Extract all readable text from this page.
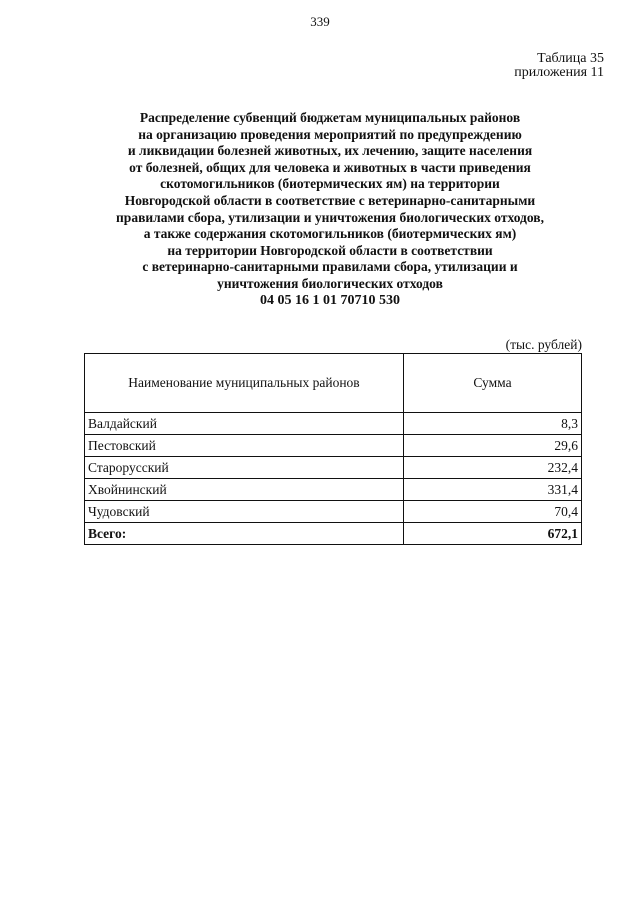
339
Таблица 35
приложения 11
Распределение субвенций бюджетам муниципальных районов
на организацию проведения мероприятий по предупреждению
и ликвидации болезней животных, их лечению, защите населения
от болезней, общих для человека и животных в части приведения
скотомогильников (биотермических ям) на территории
Новгородской области в соответствие с ветеринарно-санитарными
правилами сбора, утилизации и уничтожения биологических отходов,
а также содержания скотомогильников (биотермических ям)
на территории Новгородской области в соответствии
с ветеринарно-санитарными правилами сбора, утилизации и
уничтожения биологических отходов
04 05 16 1 01 70710 530
(тыс. рублей)
Наименование муниципальных районов	Сумма
Валдайский	8,3
Пестовский	29,6
Старорусский	232,4
Хвойнинский	331,4
Чудовский	70,4
Всего:	672,1
